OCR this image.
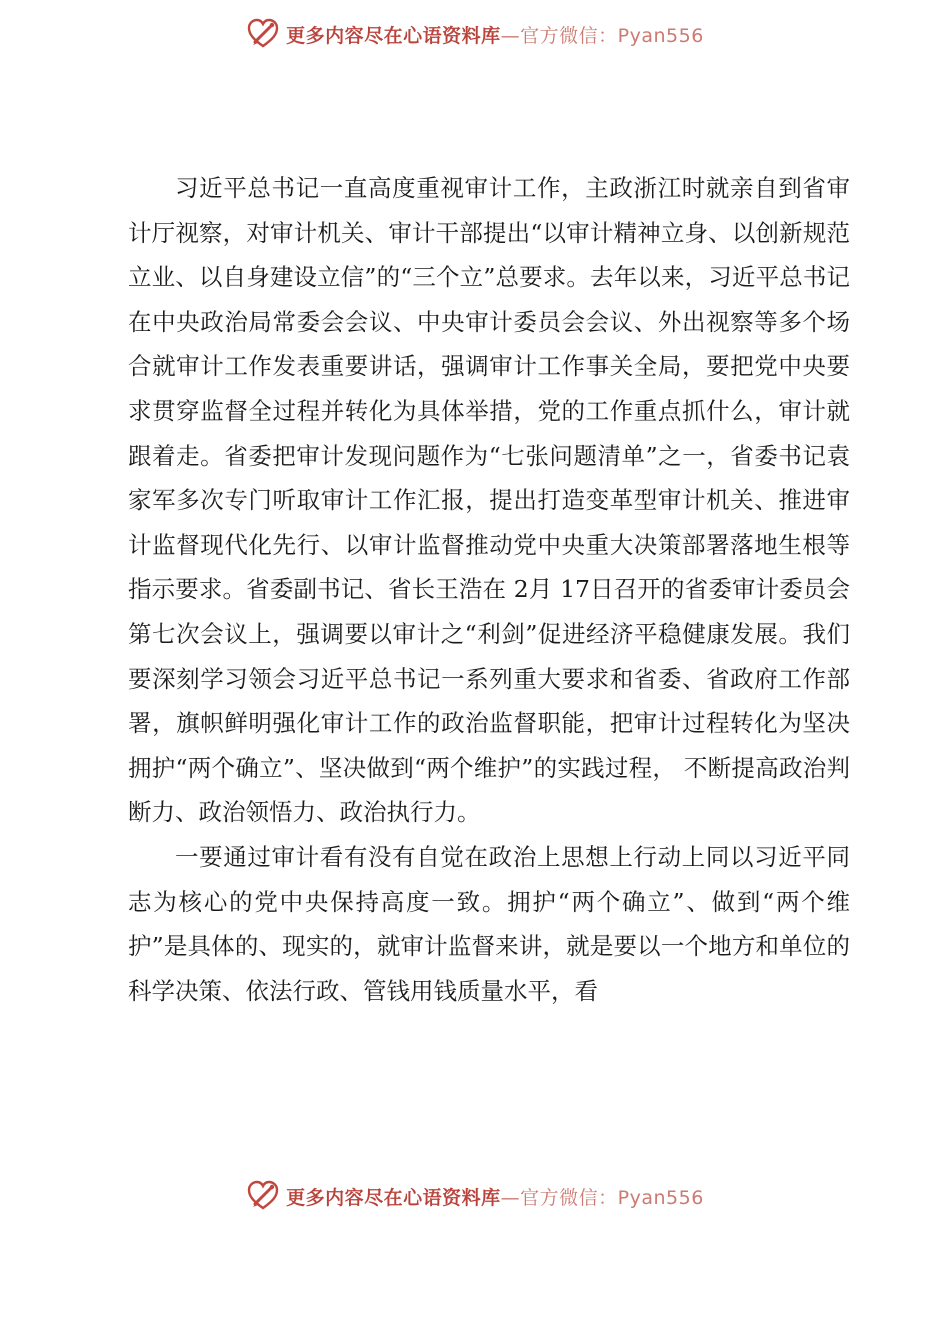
更多内容尽在心语资料库—官方微信：Pyan556

习近平总书记一直高度重视审计工作，主政浙江时就亲自到省审计厅视察，对审计机关、审计干部提出“以审计精神立身、以创新规范立业、以自身建设立信”的“三个立”总要求。去年以来，习近平总书记在中央政治局常委会会议、中央审计委员会会议、外出视察等多个场合就审计工作发表重要讲话，强调审计工作事关全局，要把党中央要求贯穿监督全过程并转化为具体举措，党的工作重点抓什么，审计就跟着走。省委把审计发现问题作为“七张问题清单”之一，省委书记袁家军多次专门听取审计工作汇报，提出打造变革型审计机关、推进审计监督现代化先行、以审计监督推动党中央重大决策部署落地生根等指示要求。省委副书记、省长王浩在 2月 17日召开的省委审计委员会第七次会议上，强调要以审计之“利剑”促进经济平稳健康发展。我们要深刻学习领会习近平总书记一系列重大要求和省委、省政府工作部署，旗帜鲜明强化审计工作的政治监督职能，把审计过程转化为坚决拥护“两个确立”、坚决做到“两个维护”的实践过程， 不断提高政治判断力、政治领悟力、政治执行力。

一要通过审计看有没有自觉在政治上思想上行动上同以习近平同志为核心的党中央保持高度一致。拥护“两个确立”、做到“两个维护”是具体的、现实的，就审计监督来讲，就是要以一个地方和单位的科学决策、依法行政、管钱用钱质量水平，看

更多内容尽在心语资料库—官方微信：Pyan556
